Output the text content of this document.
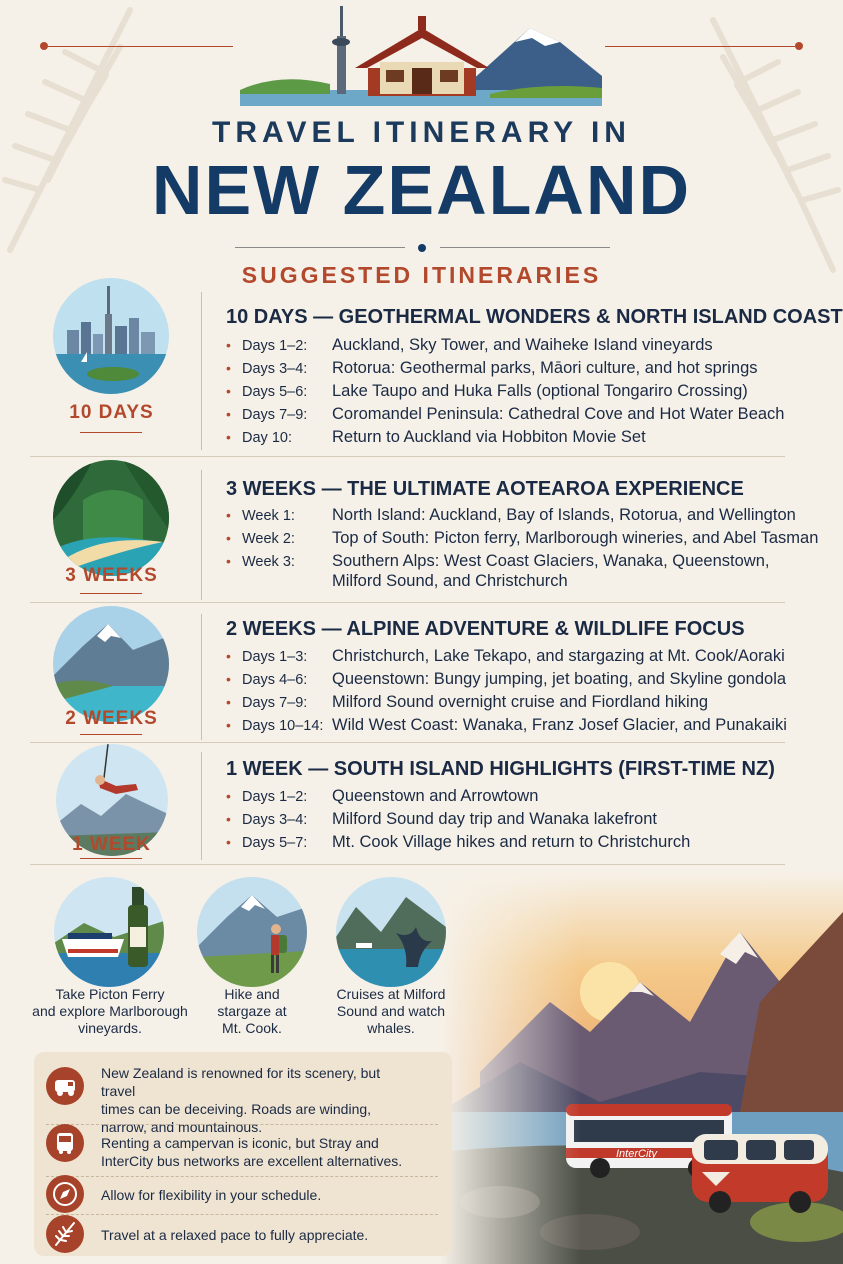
TRAVEL ITINERARY IN
NEW ZEALAND
SUGGESTED ITINERARIES
10 DAYS
10 DAYS — GEOTHERMAL WONDERS & NORTH ISLAND COAST
• Days 1–2: Auckland, Sky Tower, and Waiheke Island vineyards
• Days 3–4: Rotorua: Geothermal parks, Māori culture, and hot springs
• Days 5–6: Lake Taupo and Huka Falls (optional Tongariro Crossing)
• Days 7–9: Coromandel Peninsula: Cathedral Cove and Hot Water Beach
• Day 10: Return to Auckland via Hobbiton Movie Set
3 WEEKS
3 WEEKS — THE ULTIMATE AOTEAROA EXPERIENCE
• Week 1: North Island: Auckland, Bay of Islands, Rotorua, and Wellington
• Week 2: Top of South: Picton ferry, Marlborough wineries, and Abel Tasman
• Week 3: Southern Alps: West Coast Glaciers, Wanaka, Queenstown,
Milford Sound, and Christchurch
2 WEEKS
2 WEEKS — ALPINE ADVENTURE & WILDLIFE FOCUS
• Days 1–3: Christchurch, Lake Tekapo, and stargazing at Mt. Cook/Aoraki
• Days 4–6: Queenstown: Bungy jumping, jet boating, and Skyline gondola
• Days 7–9: Milford Sound overnight cruise and Fiordland hiking
• Days 10–14: Wild West Coast: Wanaka, Franz Josef Glacier, and Punakaiki
1 WEEK
1 WEEK — SOUTH ISLAND HIGHLIGHTS (FIRST-TIME NZ)
• Days 1–2: Queenstown and Arrowtown
• Days 3–4: Milford Sound day trip and Wanaka lakefront
• Days 5–7: Mt. Cook Village hikes and return to Christchurch
Take Picton Ferry
and explore Marlborough
vineyards.
Hike and
stargaze at
Mt. Cook.
Cruises at Milford
Sound and watch
whales.
New Zealand is renowned for its scenery, but travel
times can be deceiving. Roads are winding,
narrow, and mountainous.
Renting a campervan is iconic, but Stray and
InterCity bus networks are excellent alternatives.
Allow for flexibility in your schedule.
Travel at a relaxed pace to fully appreciate.
